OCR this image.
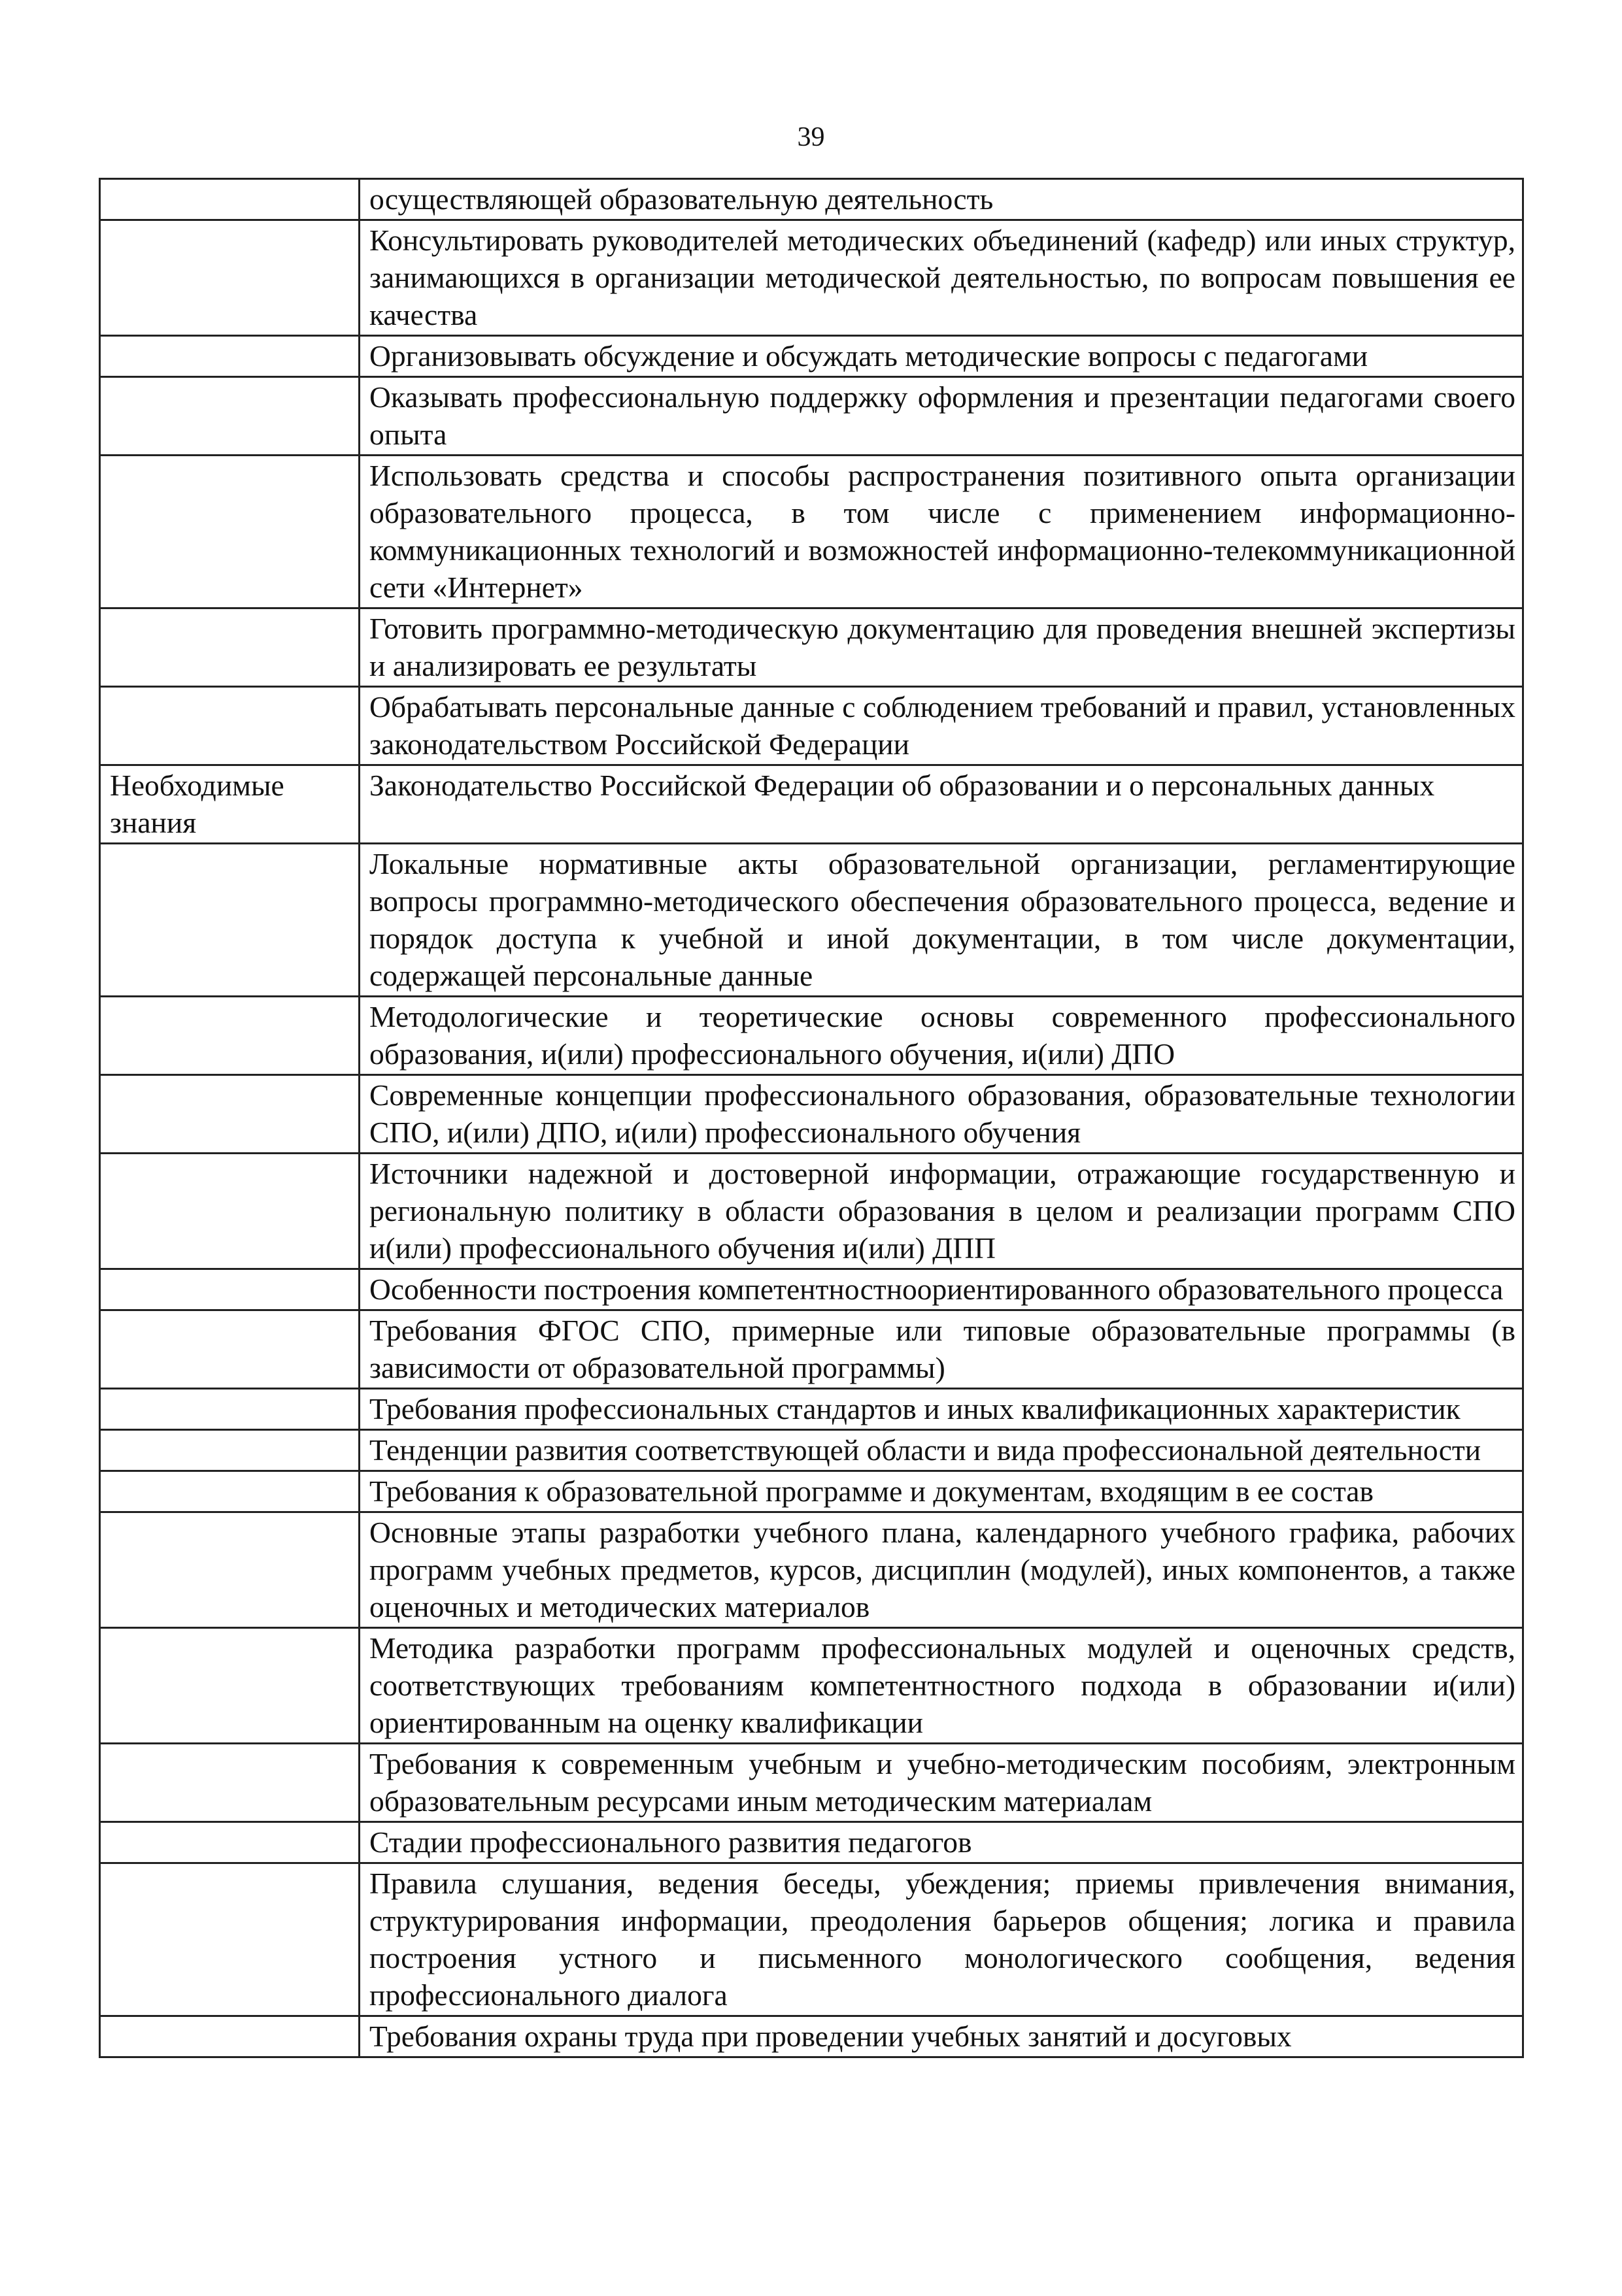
39
	осуществляющей образовательную деятельность
	Консультировать руководителей методических объединений (кафедр) или иных структур, занимающихся в организации методической деятельностью, по вопросам повышения ее качества
	Организовывать обсуждение и обсуждать методические вопросы с педагогами
	Оказывать профессиональную поддержку оформления и презентации педагогами своего опыта
	Использовать средства и способы распространения позитивного опыта организации образовательного процесса, в том числе с применением информационно-коммуникационных технологий и возможностей информационно-телекоммуникационной сети «Интернет»
	Готовить программно-методическую документацию для проведения внешней экспертизы и анализировать ее результаты
	Обрабатывать персональные данные с соблюдением требований и правил, установленных законодательством Российской Федерации
Необходимые знания	Законодательство Российской Федерации об образовании и о персональных данных
	Локальные нормативные акты образовательной организации, регламентирующие вопросы программно-методического обеспечения образовательного процесса, ведение и порядок доступа к учебной и иной документации, в том числе документации, содержащей персональные данные
	Методологические и теоретические основы современного профессионального образования, и(или) профессионального обучения, и(или) ДПО
	Современные концепции профессионального образования, образовательные технологии СПО, и(или) ДПО, и(или) профессионального обучения
	Источники надежной и достоверной информации, отражающие государственную и региональную политику в области образования в целом и реализации программ СПО и(или) профессионального обучения и(или) ДПП
	Особенности построения компетентностноориентированного образовательного процесса
	Требования ФГОС СПО, примерные или типовые образовательные программы (в зависимости от образовательной программы)
	Требования профессиональных стандартов и иных квалификационных характеристик
	Тенденции развития соответствующей области и вида профессиональной деятельности
	Требования к образовательной программе и документам, входящим в ее состав
	Основные этапы разработки учебного плана, календарного учебного графика, рабочих программ учебных предметов, курсов, дисциплин (модулей), иных компонентов, а также оценочных и методических материалов
	Методика разработки программ профессиональных модулей и оценочных средств, соответствующих требованиям компетентностного подхода в образовании и(или) ориентированным на оценку квалификации
	Требования к современным учебным и учебно-методическим пособиям, электронным образовательным ресурсами иным методическим материалам
	Стадии профессионального развития педагогов
	Правила слушания, ведения беседы, убеждения; приемы привлечения внимания, структурирования информации, преодоления барьеров общения; логика и правила построения устного и письменного монологического сообщения, ведения профессионального диалога
	Требования охраны труда при проведении учебных занятий и досуговых
